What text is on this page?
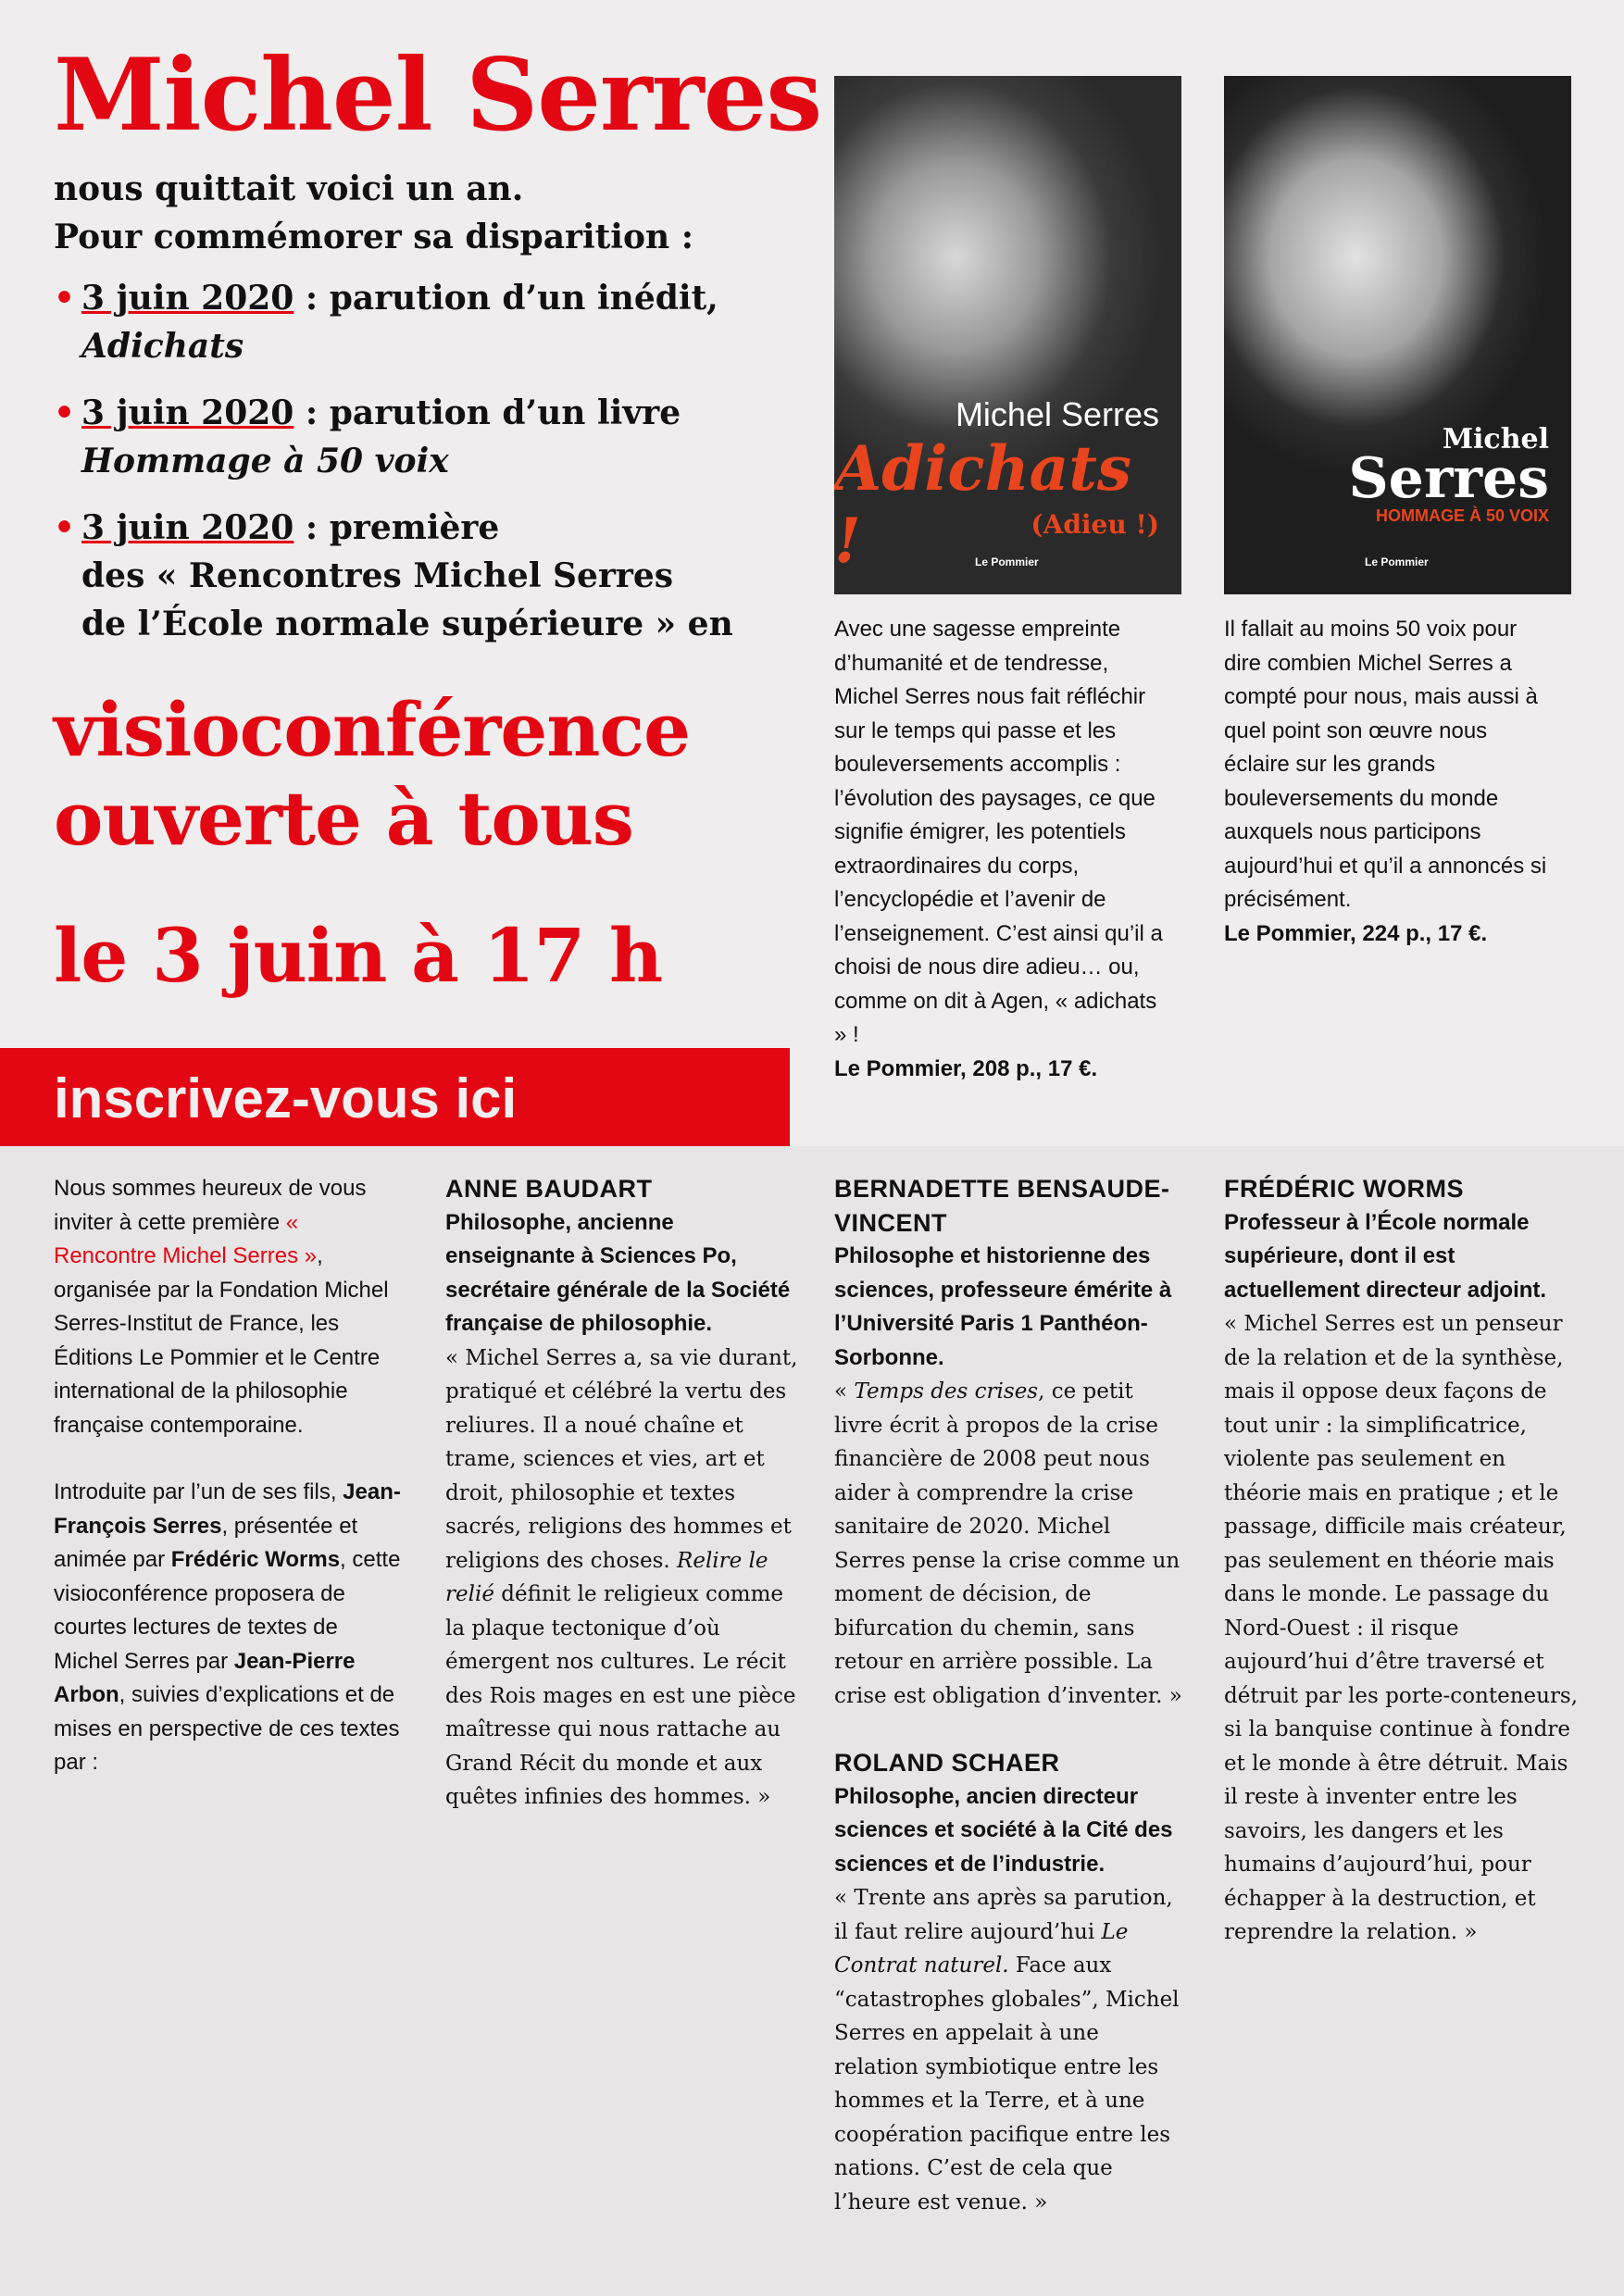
Michel Serres

nous quittait voici un an.

Pour commémorer sa disparition :

• 3 juin 2020 : parution d’un inédit,
Adichats
• 3 juin 2020 : parution d’un livre
Hommage à 50 voix
• 3 juin 2020 : première
des « Rencontres Michel Serres
de l’École normale supérieure » en

visioconférence

ouverte à tous

le 3 juin à 17 h
inscrivez-vous ici
Michel Serres
Adichats !	(Adieu !)
Le Pommier
Michel
Serres
HOMMAGE À 50 VOIX
Le Pommier

Avec une sagesse empreinte d’humanité et de tendresse, Michel Serres nous fait réfléchir sur le temps qui passe et les bouleversements accomplis : l’évolution des paysages, ce que signifie émigrer, les potentiels extraordinaires du corps, l’encyclopédie et l’avenir de l’enseignement. C’est ainsi qu’il a choisi de nous dire adieu… ou, comme on dit à Agen, « adichats » !

Le Pommier, 208 p., 17 €.

Il fallait au moins 50 voix pour dire combien Michel Serres a compté pour nous, mais aussi à quel point son œuvre nous éclaire sur les grands bouleversements du monde auxquels nous participons aujourd’hui et qu’il a annoncés si précisément.

Le Pommier, 224 p., 17 €.

Nous sommes heureux de vous inviter à cette première « Rencontre Michel Serres », organisée par la Fondation Michel Serres-Institut de France, les Éditions Le Pommier et le Centre international de la philosophie française contemporaine.

Introduite par l’un de ses fils, Jean-François Serres, présentée et animée par Frédéric Worms, cette visioconférence proposera de courtes lectures de textes de Michel Serres par Jean-Pierre Arbon, suivies d’explications et de mises en perspective de ces textes par :

ANNE BAUDART

Philosophe, ancienne enseignante à Sciences Po, secrétaire générale de la Société française de philosophie.

« Michel Serres a, sa vie durant, pratiqué et célébré la vertu des reliures. Il a noué chaîne et trame, sciences et vies, art et droit, philosophie et textes sacrés, religions des hommes et religions des choses. Relire le relié définit le religieux comme la plaque tectonique d’où émergent nos cultures. Le récit des Rois mages en est une pièce maîtresse qui nous rattache au Grand Récit du monde et aux quêtes infinies des hommes. »

BERNADETTE BENSAUDE-VINCENT

Philosophe et historienne des sciences, professeure émérite à l’Université Paris 1 Panthéon-Sorbonne.

« Temps des crises, ce petit livre écrit à propos de la crise financière de 2008 peut nous aider à comprendre la crise sanitaire de 2020. Michel Serres pense la crise comme un moment de décision, de bifurcation du chemin, sans retour en arrière possible. La crise est obligation d’inventer. »

ROLAND SCHAER

Philosophe, ancien directeur sciences et société à la Cité des sciences et de l’industrie.

« Trente ans après sa parution, il faut relire aujourd’hui Le Contrat naturel. Face aux “catastrophes globales”, Michel Serres en appelait à une relation symbiotique entre les hommes et la Terre, et à une coopération pacifique entre les nations. C’est de cela que l’heure est venue. »

FRÉDÉRIC WORMS

Professeur à l’École normale supérieure, dont il est actuellement directeur adjoint.

« Michel Serres est un penseur de la relation et de la synthèse, mais il oppose deux façons de tout unir : la simplificatrice, violente pas seulement en théorie mais en pratique ; et le passage, difficile mais créateur, pas seulement en théorie mais dans le monde. Le passage du Nord-Ouest : il risque aujourd’hui d’être traversé et détruit par les porte-conteneurs, si la banquise continue à fondre et le monde à être détruit. Mais il reste à inventer entre les savoirs, les dangers et les humains d’aujourd’hui, pour échapper à la destruction, et reprendre la relation. »
